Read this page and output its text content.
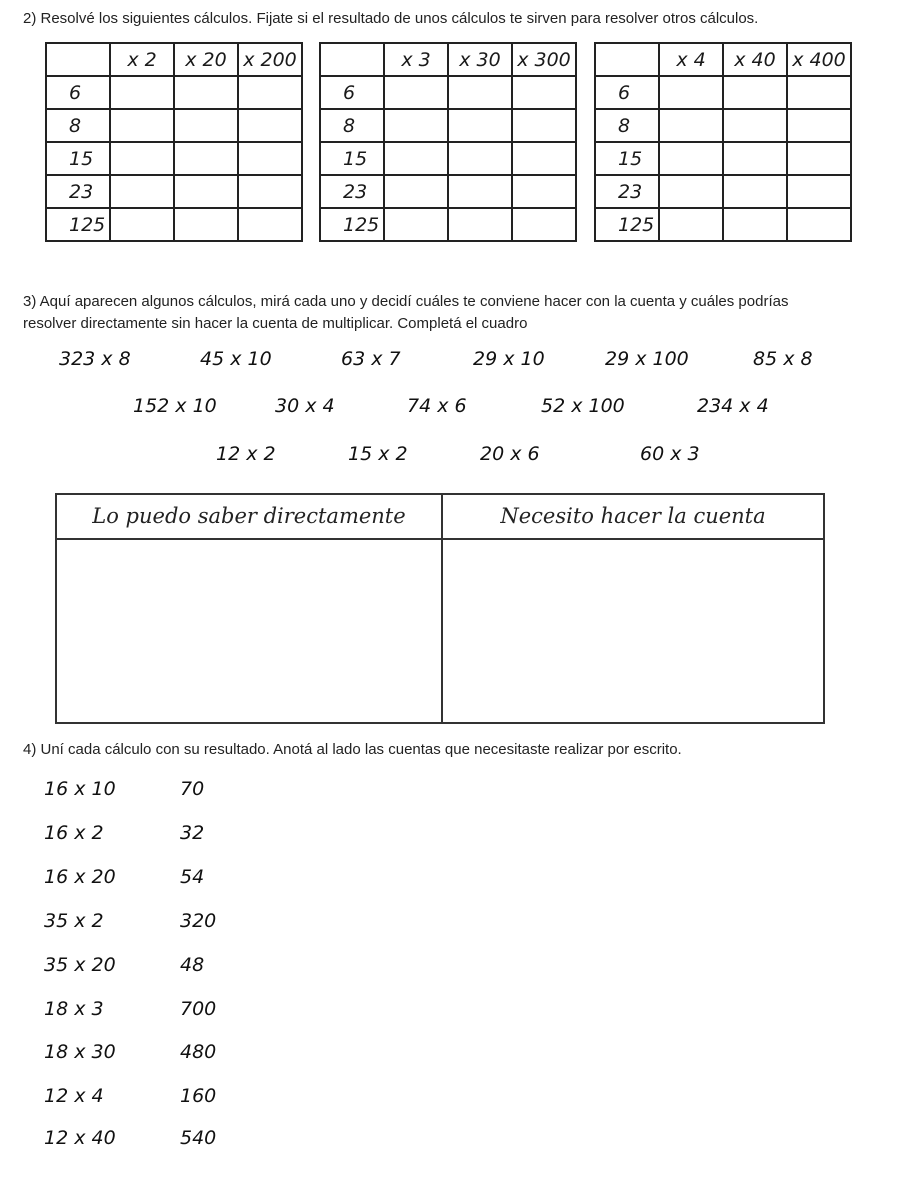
2) Resolvé los siguientes cálculos. Fijate si el resultado de unos cálculos te sirven para resolver otros cálculos.
	x 2	x 20	x 200
6			
8			
15			
23			
125			
	x 3	x 30	x 300
6			
8			
15			
23			
125			
	x 4	x 40	x 400
6			
8			
15			
23			
125			
3) Aquí aparecen algunos cálculos, mirá cada uno y decidí cuáles te conviene hacer con la cuenta y cuáles podrías
resolver directamente sin hacer la cuenta de multiplicar. Completá el cuadro
323 x 8	45 x 10	63 x 7	29 x 10	29 x 100	85 x 8
152 x 10	30 x 4	74 x 6	52 x 100	234 x 4
12 x 2	15 x 2	20 x 6	60 x 3
Lo puedo saber directamente	Necesito hacer la cuenta
4) Uní cada cálculo con su resultado. Anotá al lado las cuentas que necesitaste realizar por escrito.
16 x 10	70
16 x 2	32
16 x 20	54
35 x 2	320
35 x 20	48
18 x 3	700
18 x 30	480
12 x 4	160
12 x 40	540
